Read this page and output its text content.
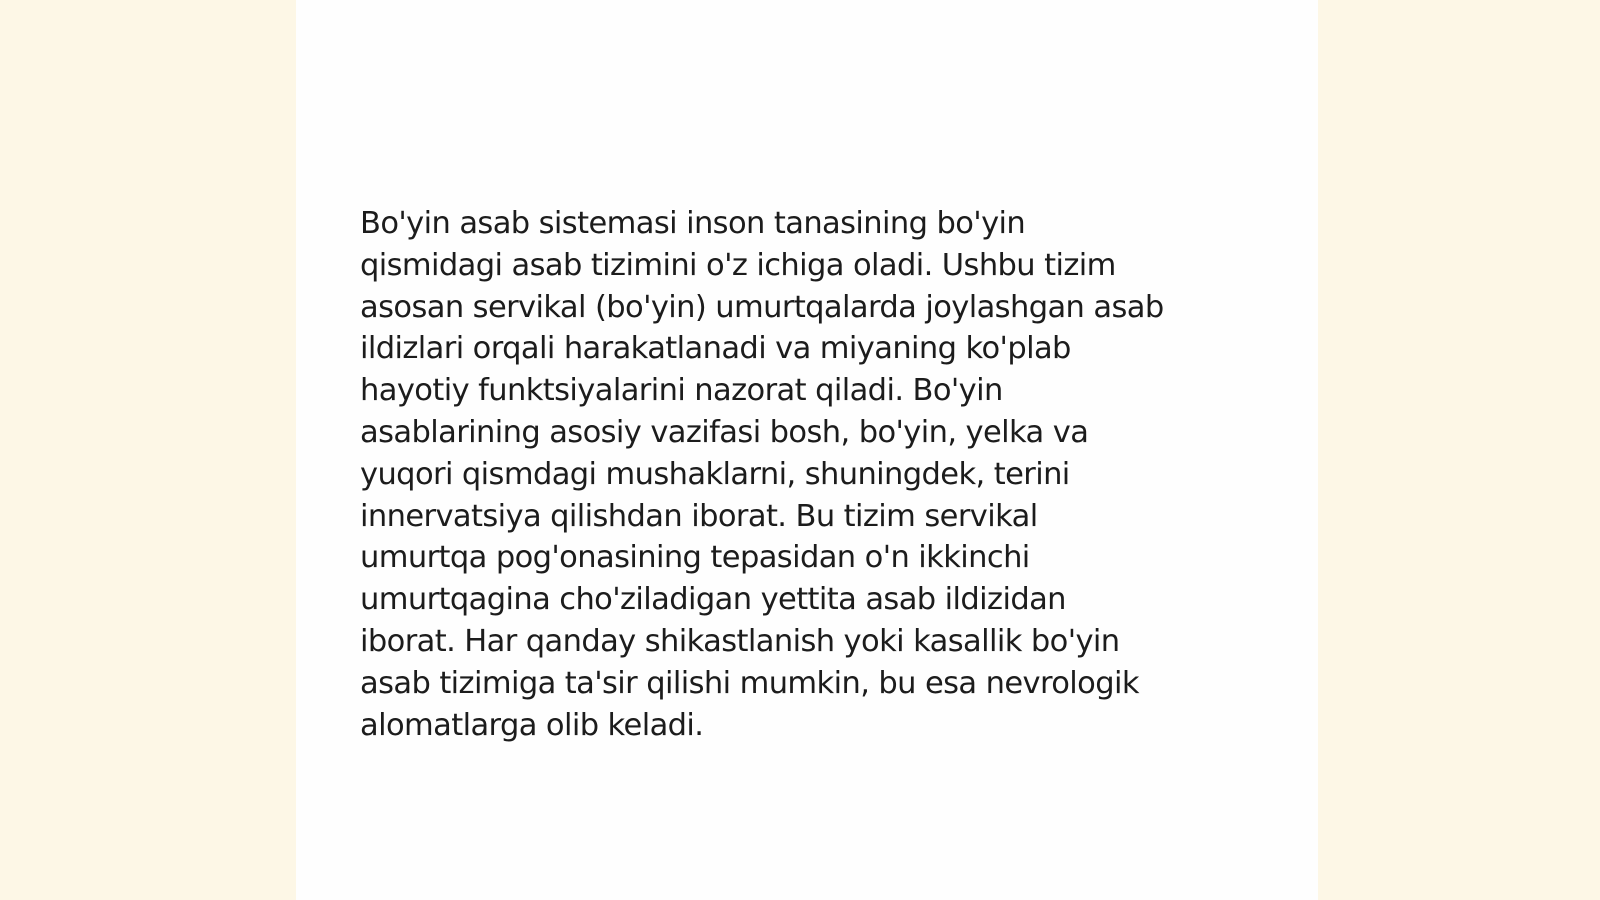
Bo'yin asab sistemasi inson tanasining bo'yin
qismidagi asab tizimini o'z ichiga oladi. Ushbu tizim
asosan servikal (bo'yin) umurtqalarda joylashgan asab
ildizlari orqali harakatlanadi va miyaning ko'plab
hayotiy funktsiyalarini nazorat qiladi. Bo'yin
asablarining asosiy vazifasi bosh, bo'yin, yelka va
yuqori qismdagi mushaklarni, shuningdek, terini
innervatsiya qilishdan iborat. Bu tizim servikal
umurtqa pog'onasining tepasidan o'n ikkinchi
umurtqagina cho'ziladigan yettita asab ildizidan
iborat. Har qanday shikastlanish yoki kasallik bo'yin
asab tizimiga ta'sir qilishi mumkin, bu esa nevrologik
alomatlarga olib keladi.
